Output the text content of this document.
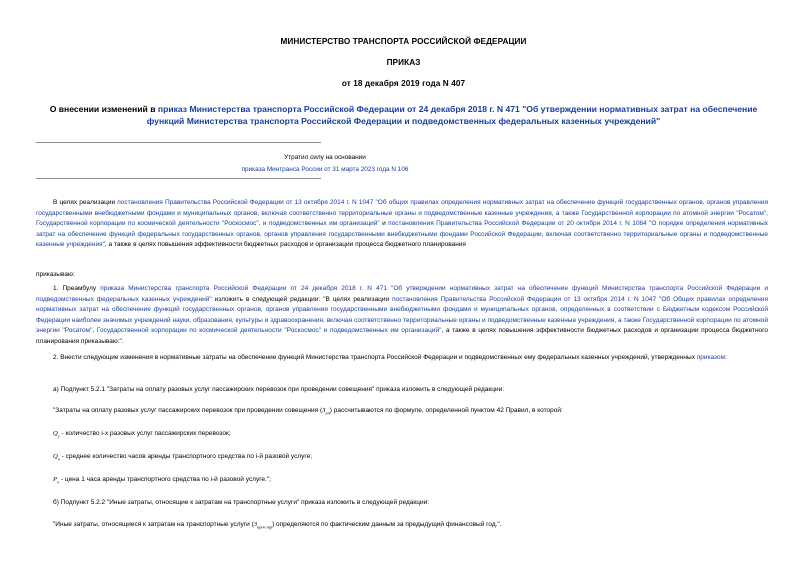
МИНИСТЕРСТВО ТРАНСПОРТА РОССИЙСКОЙ ФЕДЕРАЦИИ
ПРИКАЗ
от 18 декабря 2019 года N 407
О внесении изменений в приказ Министерства транспорта Российской Федерации от 24 декабря 2018 г. N 471 "Об утверждении нормативных затрат на обеспечение функций Министерства транспорта Российской Федерации и подведомственных федеральных казенных учреждений"
Утратил силу на основании
приказа Минтранса России от 31 марта 2023 года N 106
В целях реализации постановления Правительства Российской Федерации от 13 октября 2014 г. N 1047 "Об общих правилах определения нормативных затрат на обеспечение функций государственных органов, органов управления государственными внебюджетными фондами и муниципальных органов, включая соответственно территориальные органы и подведомственные казенные учреждения, а также Государственной корпорации по атомной энергии "Росатом", Государственной корпорации по космической деятельности "Роскосмос", и подведомственных им организаций" и постановления Правительства Российской Федерации от 20 октября 2014 г. N 1084 "О порядке определения нормативных затрат на обеспечение функций федеральных государственных органов, органов управления государственными внебюджетными фондами Российской Федерации, включая соответственно территориальные органы и подведомственные казенные учреждения", а также в целях повышения эффективности бюджетных расходов и организации процесса бюджетного планирования
приказываю:
1. Преамбулу приказа Министерства транспорта Российской Федерации от 24 декабря 2018 г. N 471 "Об утверждении нормативных затрат на обеспечение функций Министерства транспорта Российской Федерации и подведомственных федеральных казенных учреждений" изложить в следующей редакции: "В целях реализации постановления Правительства Российской Федерации от 13 октября 2014 г. N 1047 "Об Общих правилах определения нормативных затрат на обеспечение функций государственных органов, органов управления государственными внебюджетными фондами и муниципальных органов, определенных в соответствии с Бюджетным кодексом Российской Федерации наиболее значимых учреждений науки, образования, культуры и здравоохранения, включая соответственно территориальные органы и подведомственные казенные учреждения, а также Государственной корпорации по атомной энергии "Росатом", Государственной корпорации по космической деятельности "Роскосмос" и подведомственных им организаций", а также в целях повышения эффективности бюджетных расходов и организации процесса бюджетного планирования приказываю:".
2. Внести следующие изменения в нормативные затраты на обеспечение функций Министерства транспорта Российской Федерации и подведомственных ему федеральных казенных учреждений, утвержденных приказом:
а) Подпункт 5.2.1 "Затраты на оплату разовых услуг пассажирских перевозок при проведении совещения" приказа изложить в следующей редакции:
"Затраты на оплату разовых услуг пассажирских перевозок при проведении совещения $(З_{пп})$ рассчитываются по формуле, определенной пунктом 42 Правил, в которой:
$Q_у$ - количество i-х разовых услуг пассажирских перевозок;
$Q_ч$ - среднее количество часов аренды транспортного средства по i-й разовой услуге;
$P_ч$ - цена 1 часа аренды транспортного средства по i-й разовой услуге.";
б) Подпункт 5.2.2 "Иные затраты, относящие к затратам на транспортные услуги" приказа изложить в следующей редакции:
"Иные затраты, относящиеся к затратам на транспортные услуги $(З_{проч тр})$ определяются по фактическим данным за предыдущий финансовый год.".
